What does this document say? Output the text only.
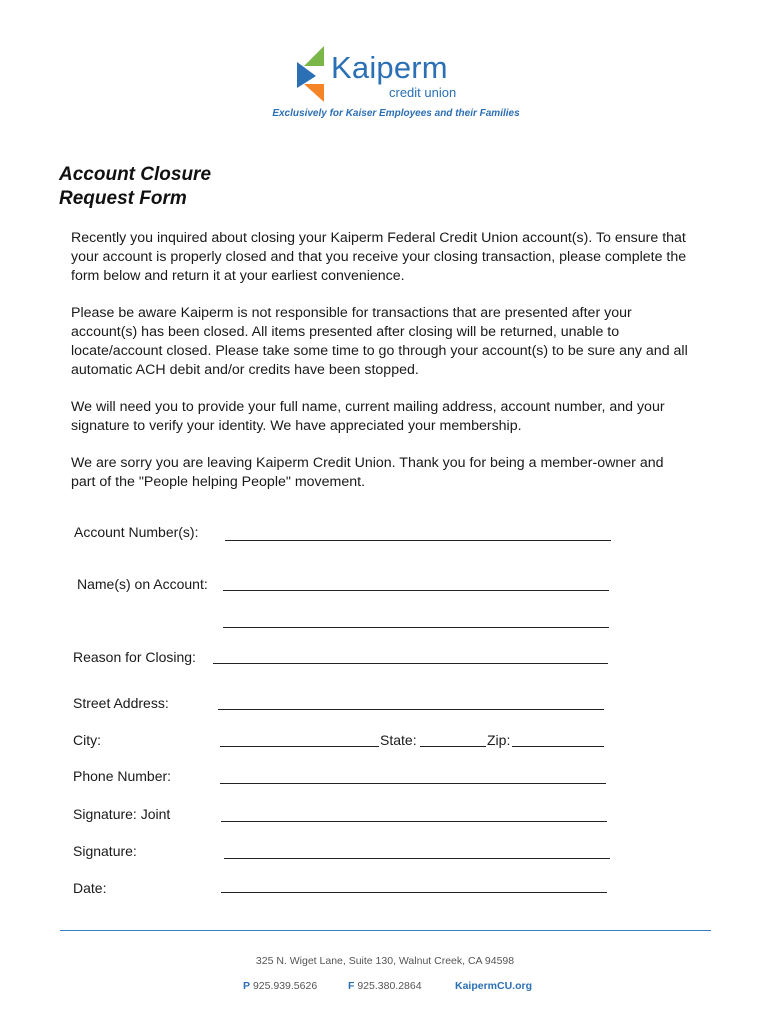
Kaiperm
credit union
Exclusively for Kaiser Employees and their Families
Account Closure
Request Form

Recently you inquired about closing your Kaiperm Federal Credit Union account(s). To ensure that your account is properly closed and that you receive your closing transaction, please complete the form below and return it at your earliest convenience.

Please be aware Kaiperm is not responsible for transactions that are presented after your account(s) has been closed. All items presented after closing will be returned, unable to locate/account closed. Please take some time to go through your account(s) to be sure any and all automatic ACH debit and/or credits have been stopped.

We will need you to provide your full name, current mailing address, account number, and your signature to verify your identity. We have appreciated your membership.

We are sorry you are leaving Kaiperm Credit Union. Thank you for being a member-owner and part of the "People helping People" movement.

Account Number(s):
Name(s) on Account:
Reason for Closing:
Street Address:
City:	State:	Zip:
Phone Number:
Signature: Joint
Signature:
Date:
325 N. Wiget Lane, Suite 130, Walnut Creek, CA 94598
P 925.939.5626	F 925.380.2864	KaipermCU.org
